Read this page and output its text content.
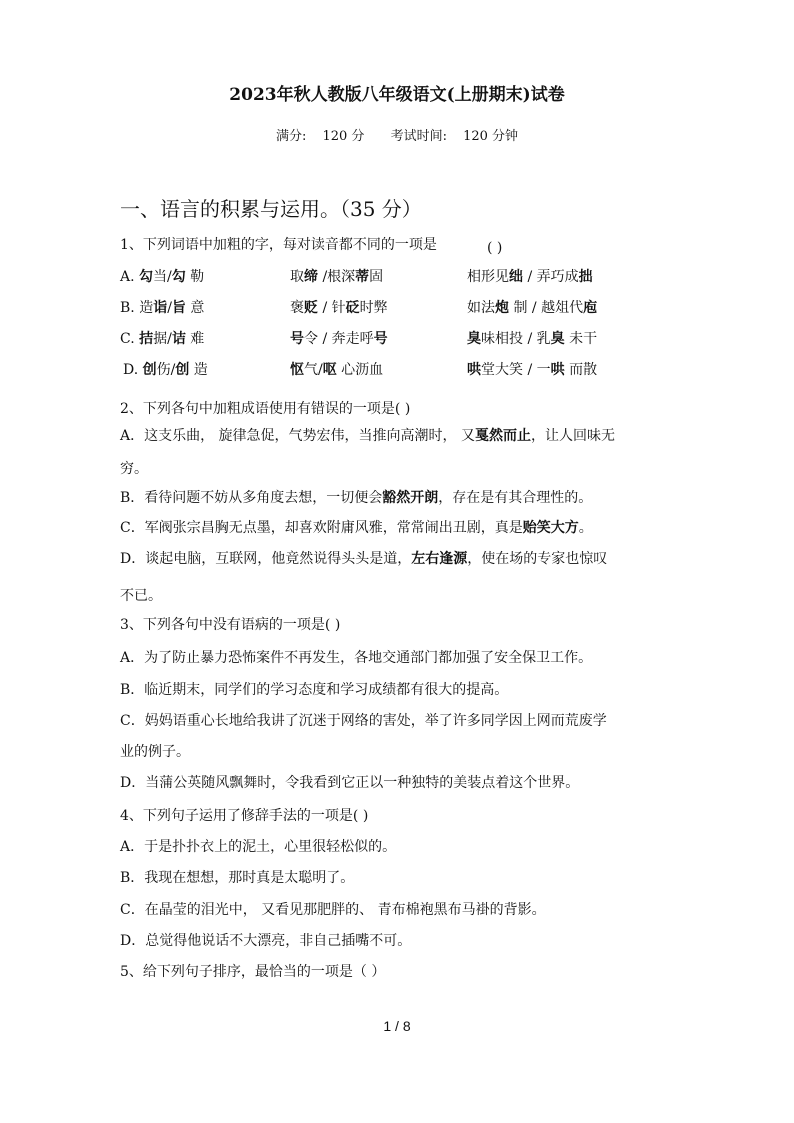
2023年秋人教版八年级语文(上册期末)试卷
满分: 120 分 考试时间: 120 分钟
一、语言的积累与运用。（35 分）
1、下列词语中加粗的字，每对读音都不同的一项是	( )
A. 勾当/勾 勒	取缔 /根深蒂固	相形见绌 / 弄巧成拙
B. 造诣/旨 意	褒贬 / 针砭时弊	如法炮 制 / 越俎代庖
C. 拮据/诘 难	号令 / 奔走呼号	臭味相投 / 乳臭 未干
D. 创伤/创 造	怄气/呕 心沥血	哄堂大笑 / 一哄 而散
2、下列各句中加粗成语使用有错误的一项是( )
A．这支乐曲， 旋律急促，气势宏伟，当推向高潮时， 又戛然而止，让人回味无
穷。
B．看待问题不妨从多角度去想，一切便会豁然开朗，存在是有其合理性的。
C．军阀张宗昌胸无点墨，却喜欢附庸风雅，常常闹出丑剧，真是贻笑大方。
D．谈起电脑，互联网，他竟然说得头头是道，左右逢源，使在场的专家也惊叹
不已。
3、下列各句中没有语病的一项是( )
A．为了防止暴力恐怖案件不再发生，各地交通部门都加强了安全保卫工作。
B．临近期末，同学们的学习态度和学习成绩都有很大的提高。
C．妈妈语重心长地给我讲了沉迷于网络的害处，举了许多同学因上网而荒废学
业的例子。
D．当蒲公英随风飘舞时，令我看到它正以一种独特的美装点着这个世界。
4、下列句子运用了修辞手法的一项是( )
A．于是扑扑衣上的泥土，心里很轻松似的。
B．我现在想想，那时真是太聪明了。
C．在晶莹的泪光中， 又看见那肥胖的、 青布棉袍黑布马褂的背影。
D．总觉得他说话不大漂亮，非自己插嘴不可。
5、给下列句子排序，最恰当的一项是（ ）
1 / 8
